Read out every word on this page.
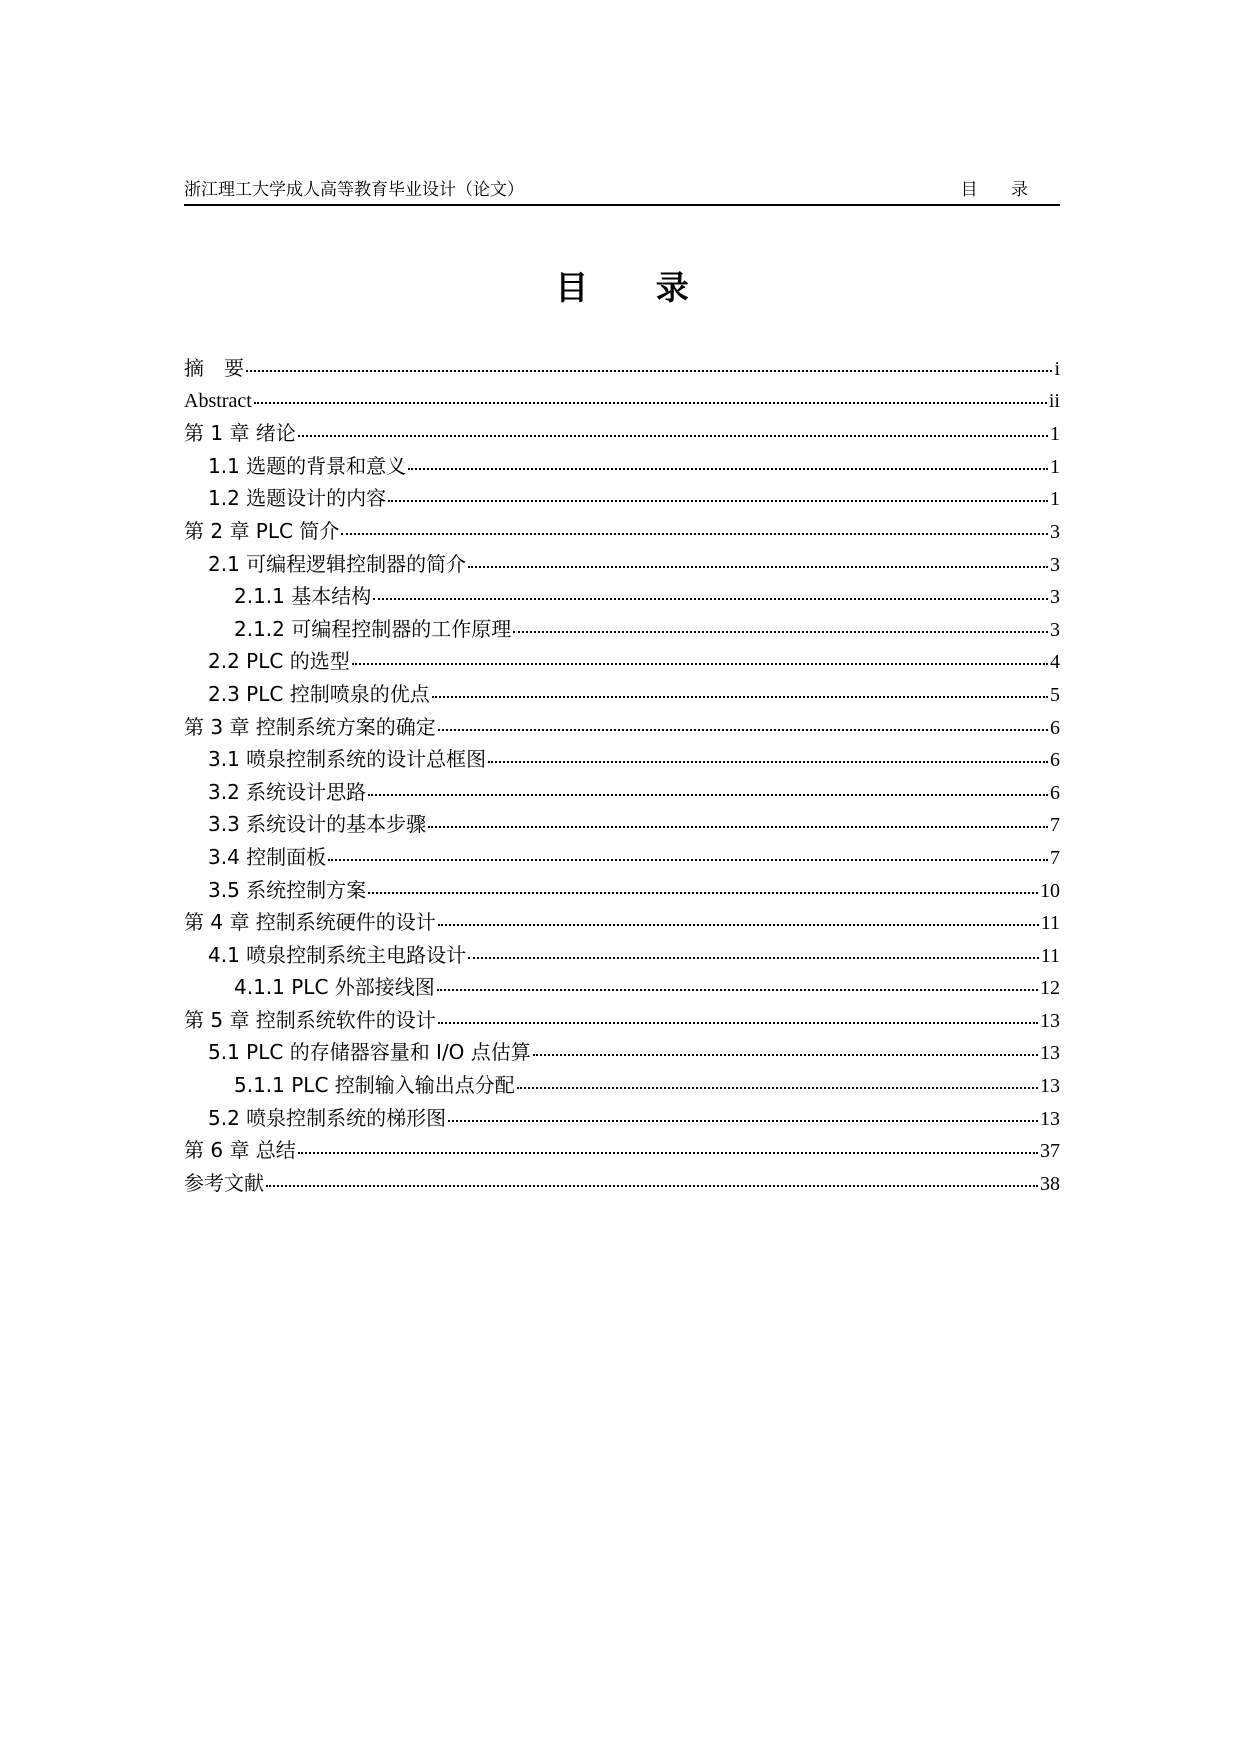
浙江理工大学成人高等教育毕业设计（论文）	目 录
目 录
摘　要	i
Abstract	ii
第 1 章 绪论	1
1.1 选题的背景和意义	1
1.2 选题设计的内容	1
第 2 章 PLC 简介	3
2.1 可编程逻辑控制器的简介	3
2.1.1 基本结构	3
2.1.2 可编程控制器的工作原理	3
2.2 PLC 的选型	4
2.3 PLC 控制喷泉的优点	5
第 3 章 控制系统方案的确定	6
3.1 喷泉控制系统的设计总框图	6
3.2 系统设计思路	6
3.3 系统设计的基本步骤	7
3.4 控制面板	7
3.5 系统控制方案	10
第 4 章 控制系统硬件的设计	11
4.1 喷泉控制系统主电路设计	11
4.1.1 PLC 外部接线图	12
第 5 章 控制系统软件的设计	13
5.1 PLC 的存储器容量和 I/O 点估算	13
5.1.1 PLC 控制输入输出点分配	13
5.2 喷泉控制系统的梯形图	13
第 6 章 总结	37
参考文献	38
